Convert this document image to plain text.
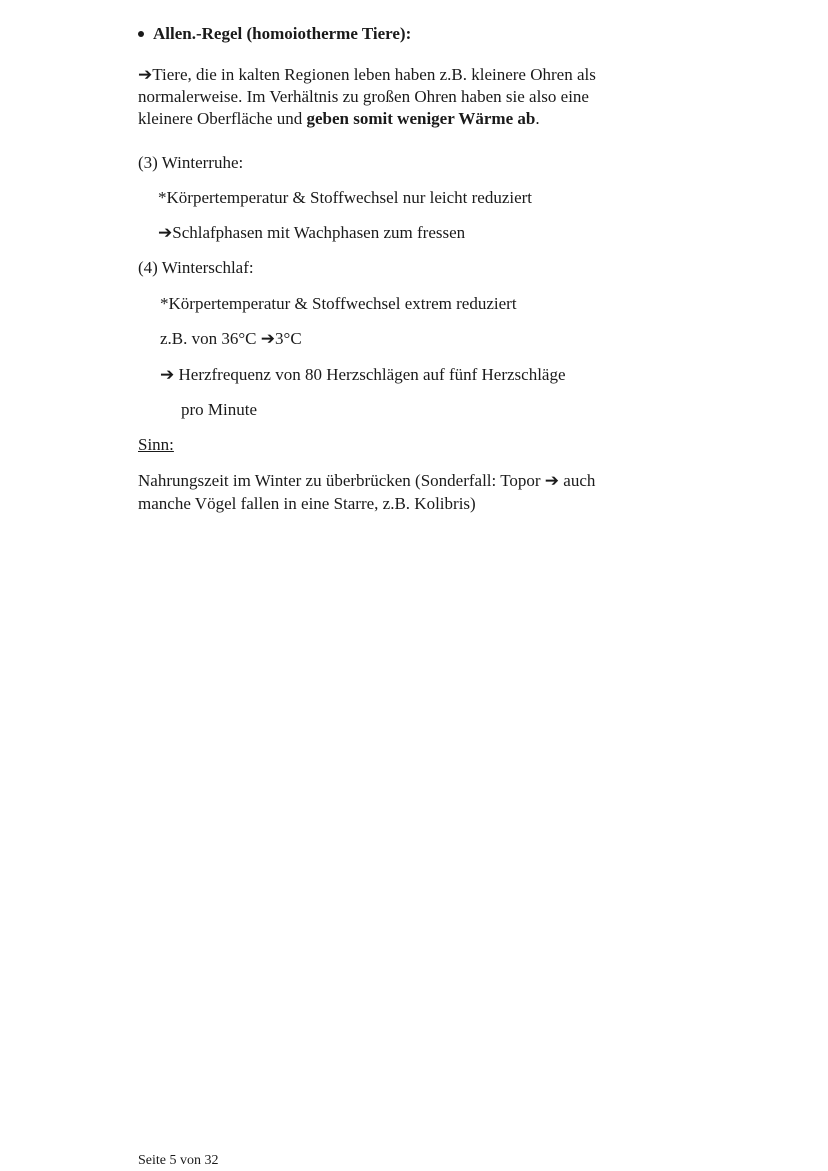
Allen.-Regel (homoiotherme Tiere):
➔Tiere, die in kalten Regionen leben haben z.B. kleinere Ohren als
normalerweise. Im Verhältnis zu großen Ohren haben sie also eine
kleinere Oberfläche und geben somit weniger Wärme ab.
(3) Winterruhe:
*Körpertemperatur & Stoffwechsel nur leicht reduziert
➔Schlafphasen mit Wachphasen zum fressen
(4) Winterschlaf:
*Körpertemperatur & Stoffwechsel extrem reduziert
z.B. von 36°C ➔3°C
➔ Herzfrequenz von 80 Herzschlägen auf fünf Herzschläge
pro Minute
Sinn:
Nahrungszeit im Winter zu überbrücken (Sonderfall: Topor ➔ auch
manche Vögel fallen in eine Starre, z.B. Kolibris)
Seite 5 von 32
